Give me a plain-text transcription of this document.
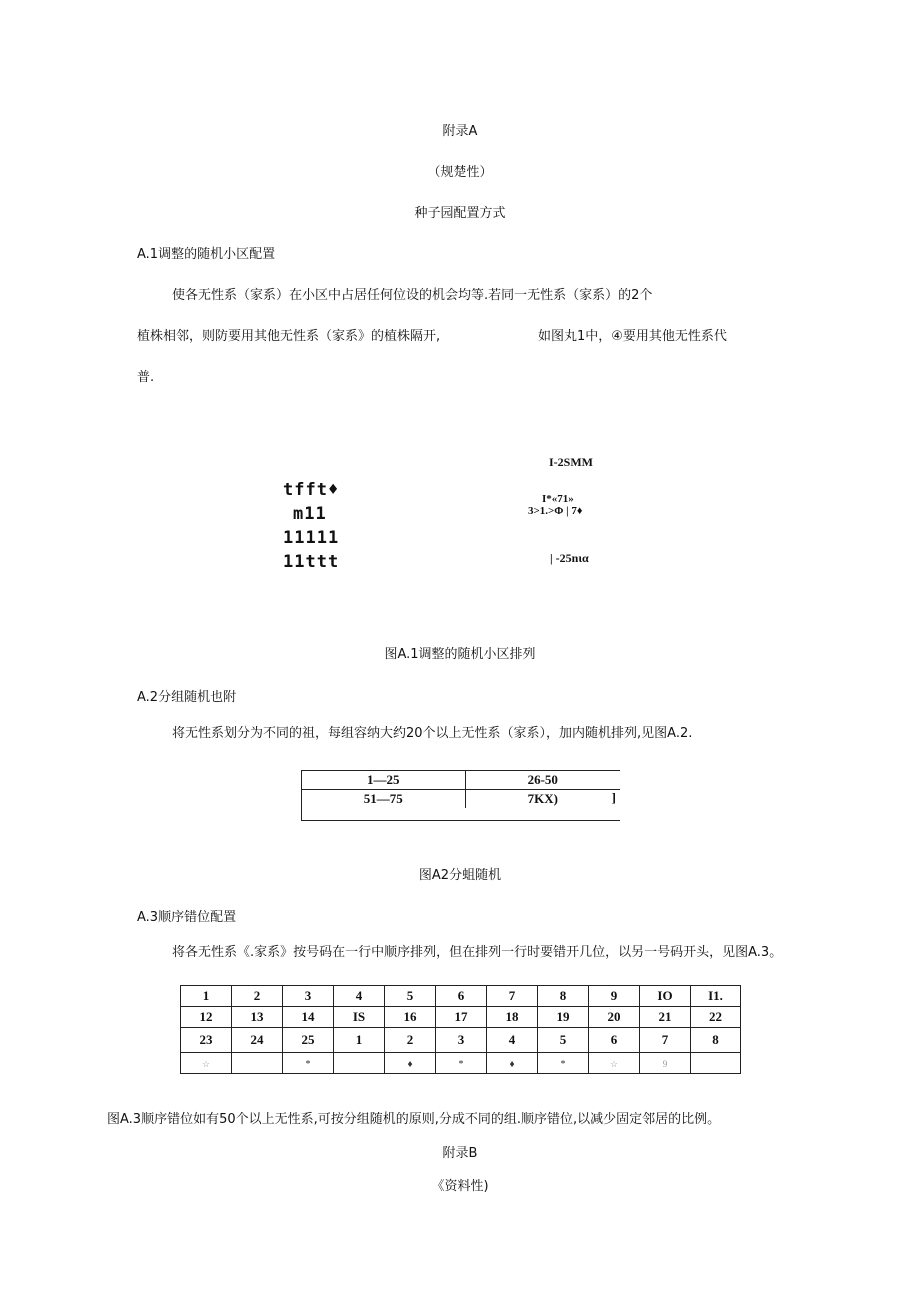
附录A
（规楚性）
种子园配置方式
A.1调整的随机小区配置
使各无性系（家系）在小区中占居任何位设的机会均等.若同一无性系（家系）的2个
植株相邻，则防要用其他无性系（家系》的植株隔开,	如图丸1中，④要用其他无性系代
普.
tfft♦
m11
11111
11ttt
I-2SMM
I*«71»
3>1.>Φ | 7♦
| -25nια
图A.1调整的随机小区排列
A.2分组随机也附
将无性系划分为不同的祖，每组容纳大约20个以上无性系（家系），加内随机排列,见图A.2.
1—25	26-50
51—75	7KX) ]
图A2分蛆随机
A.3顺序错位配置
将各无性系《.家系》按号码在一行中顺序排列，但在排列一行时要错开几位，以另一号码开头，见图A.3。
1	2	3	4	5	6	7	8	9	IO	I1.
12	13	14	IS	16	17	18	19	20	21	22
23	24	25	1	2	3	4	5	6	7	8
☆		*		♦	*	♦	*	☆	9	
图A.3顺序错位如有50个以上无性系,可按分组随机的原则,分成不同的组.顺序错位,以减少固定邻居的比例。
附录B
《资料性)
